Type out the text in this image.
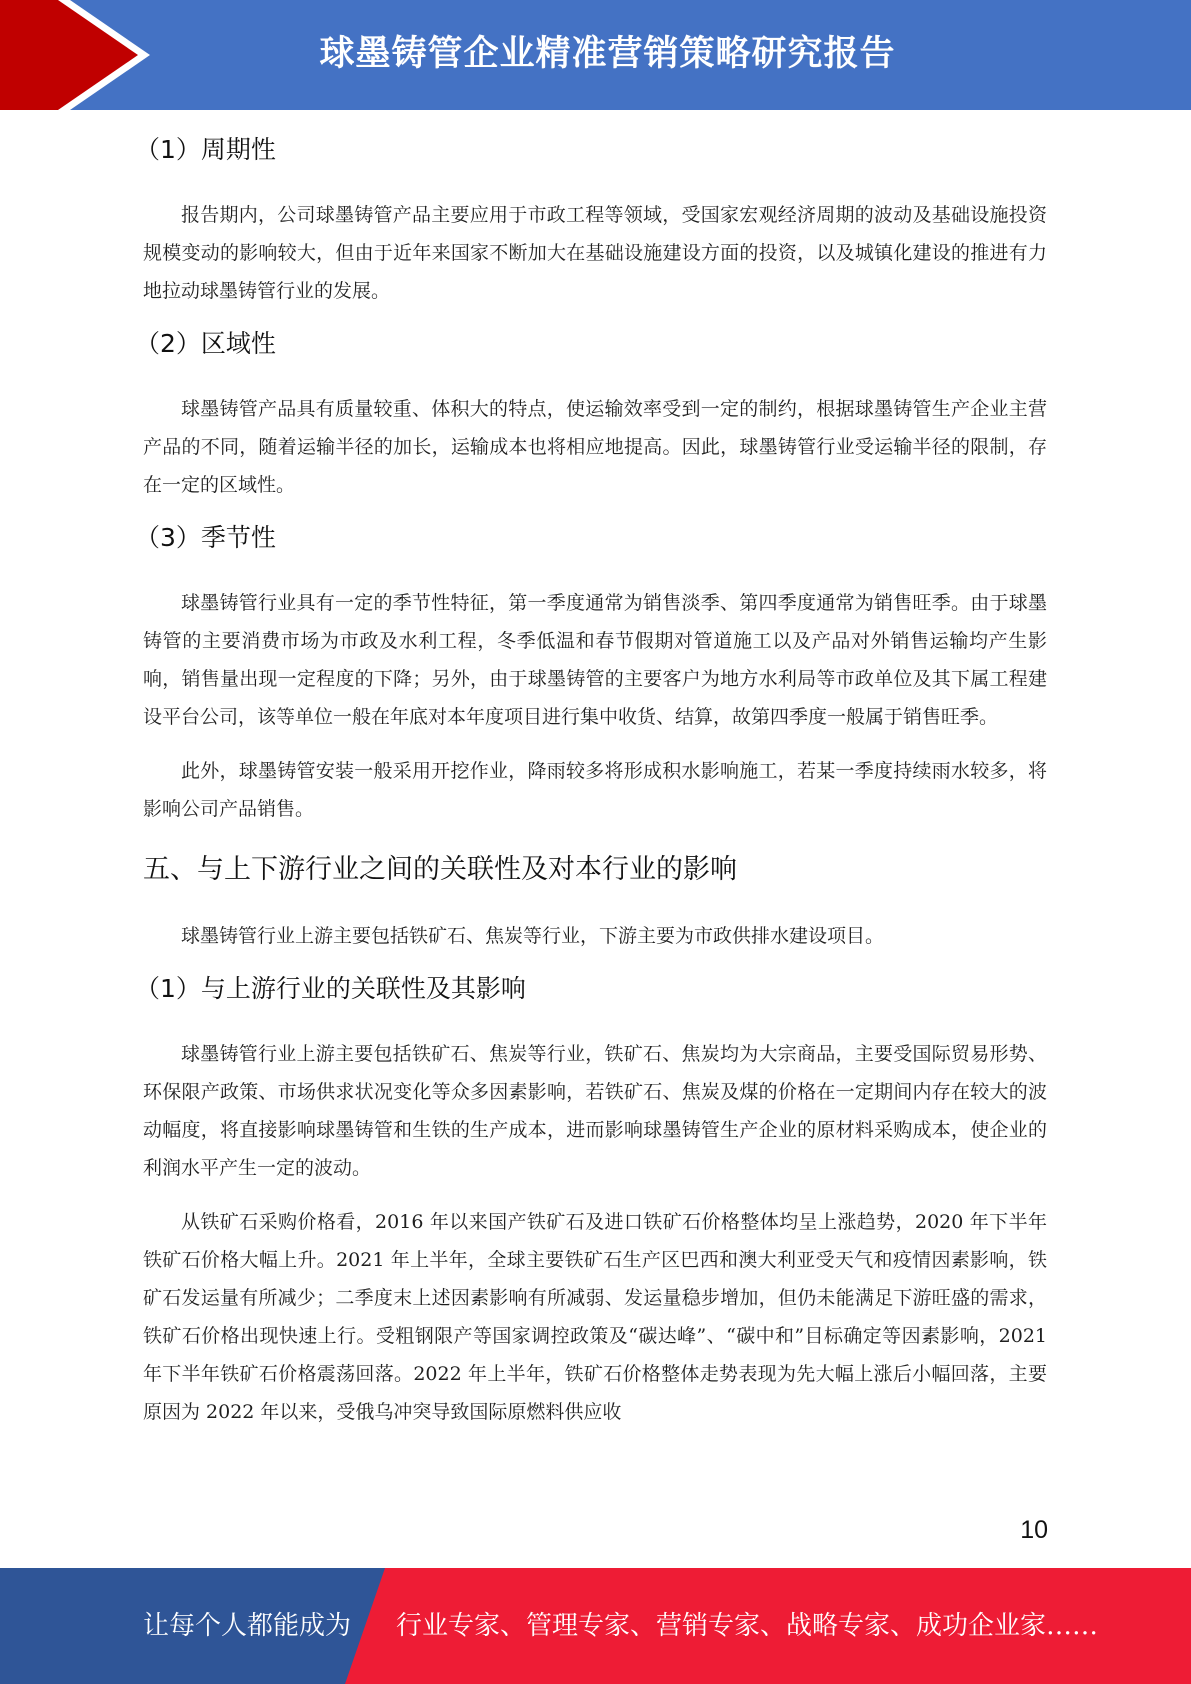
球墨铸管企业精准营销策略研究报告
（1）周期性

报告期内，公司球墨铸管产品主要应用于市政工程等领域，受国家宏观经济周期的波动及基础设施投资规模变动的影响较大，但由于近年来国家不断加大在基础设施建设方面的投资，以及城镇化建设的推进有力地拉动球墨铸管行业的发展。

（2）区域性

球墨铸管产品具有质量较重、体积大的特点，使运输效率受到一定的制约，根据球墨铸管生产企业主营产品的不同，随着运输半径的加长，运输成本也将相应地提高。因此，球墨铸管行业受运输半径的限制，存在一定的区域性。

（3）季节性

球墨铸管行业具有一定的季节性特征，第一季度通常为销售淡季、第四季度通常为销售旺季。由于球墨铸管的主要消费市场为市政及水利工程，冬季低温和春节假期对管道施工以及产品对外销售运输均产生影响，销售量出现一定程度的下降；另外，由于球墨铸管的主要客户为地方水利局等市政单位及其下属工程建设平台公司，该等单位一般在年底对本年度项目进行集中收货、结算，故第四季度一般属于销售旺季。

此外，球墨铸管安装一般采用开挖作业，降雨较多将形成积水影响施工，若某一季度持续雨水较多，将影响公司产品销售。

五、与上下游行业之间的关联性及对本行业的影响

球墨铸管行业上游主要包括铁矿石、焦炭等行业，下游主要为市政供排水建设项目。

（1）与上游行业的关联性及其影响

球墨铸管行业上游主要包括铁矿石、焦炭等行业，铁矿石、焦炭均为大宗商品，主要受国际贸易形势、环保限产政策、市场供求状况变化等众多因素影响，若铁矿石、焦炭及煤的价格在一定期间内存在较大的波动幅度，将直接影响球墨铸管和生铁的生产成本，进而影响球墨铸管生产企业的原材料采购成本，使企业的利润水平产生一定的波动。

从铁矿石采购价格看，2016 年以来国产铁矿石及进口铁矿石价格整体均呈上涨趋势，2020 年下半年铁矿石价格大幅上升。2021 年上半年，全球主要铁矿石生产区巴西和澳大利亚受天气和疫情因素影响，铁矿石发运量有所减少；二季度末上述因素影响有所减弱、发运量稳步增加，但仍未能满足下游旺盛的需求，铁矿石价格出现快速上行。受粗钢限产等国家调控政策及“碳达峰”、“碳中和”目标确定等因素影响，2021 年下半年铁矿石价格震荡回落。2022 年上半年，铁矿石价格整体走势表现为先大幅上涨后小幅回落，主要原因为 2022 年以来，受俄乌冲突导致国际原燃料供应收

10
让每个人都能成为 行业专家、管理专家、营销专家、战略专家、成功企业家……
